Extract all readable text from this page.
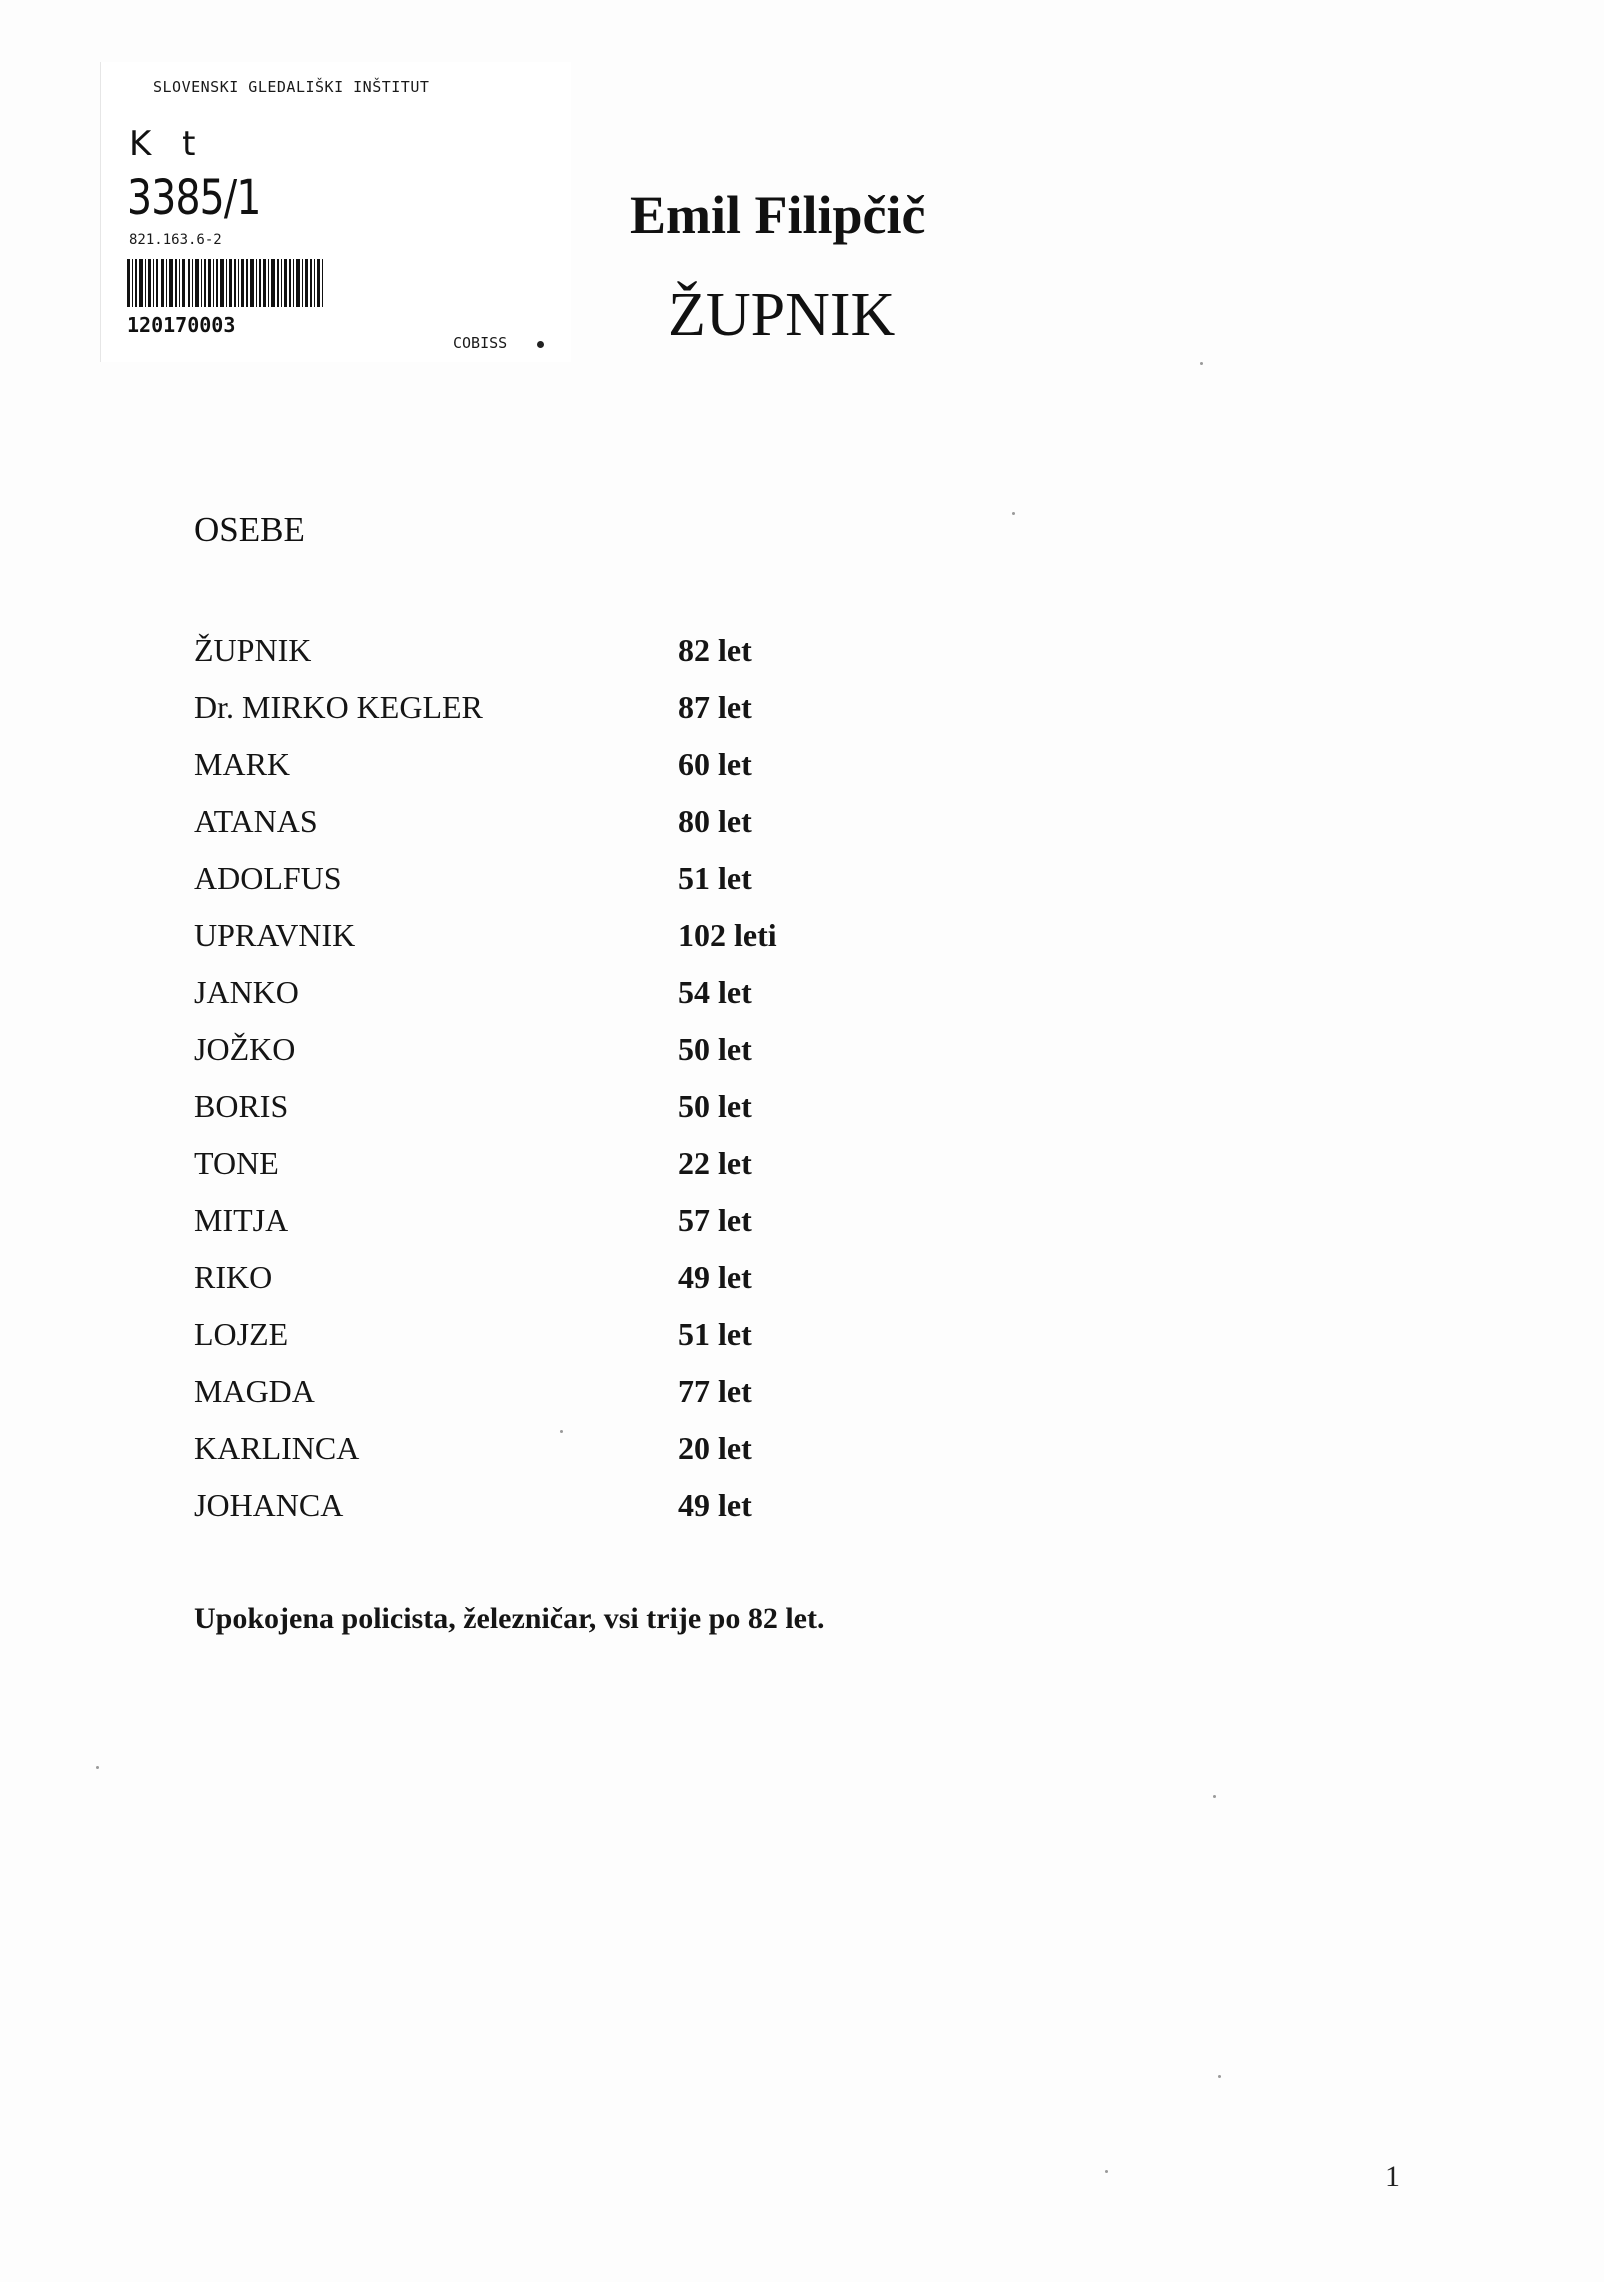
SLOVENSKI GLEDALIŠKI INŠTITUT
K t
3385/1
821.163.6-2
120170003
COBISS
Emil Filipčič
ŽUPNIK
OSEBE
ŽUPNIK	82 let
Dr. MIRKO KEGLER	87 let
MARK	60 let
ATANAS	80 let
ADOLFUS	51 let
UPRAVNIK	102 leti
JANKO	54 let
JOŽKO	50 let
BORIS	50 let
TONE	22 let
MITJA	57 let
RIKO	49 let
LOJZE	51 let
MAGDA	77 let
KARLINCA	20 let
JOHANCA	49 let
Upokojena policista, železničar, vsi trije po 82 let.
1
